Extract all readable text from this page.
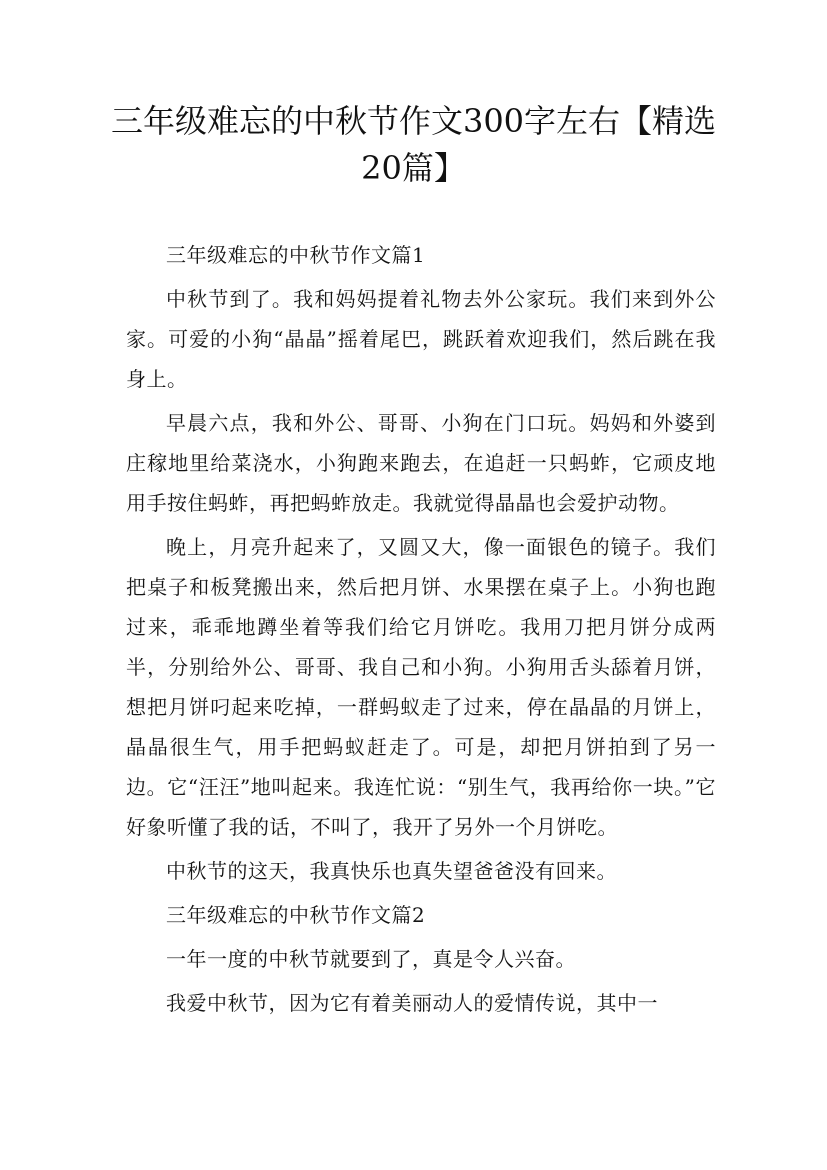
三年级难忘的中秋节作文300字左右【精选20篇】

三年级难忘的中秋节作文篇1

中秋节到了。我和妈妈提着礼物去外公家玩。我们来到外公家。可爱的小狗“晶晶”摇着尾巴，跳跃着欢迎我们，然后跳在我身上。

早晨六点，我和外公、哥哥、小狗在门口玩。妈妈和外婆到庄稼地里给菜浇水，小狗跑来跑去，在追赶一只蚂蚱，它顽皮地用手按住蚂蚱，再把蚂蚱放走。我就觉得晶晶也会爱护动物。

晚上，月亮升起来了，又圆又大，像一面银色的镜子。我们把桌子和板凳搬出来，然后把月饼、水果摆在桌子上。小狗也跑过来，乖乖地蹲坐着等我们给它月饼吃。我用刀把月饼分成两半，分别给外公、哥哥、我自己和小狗。小狗用舌头舔着月饼，想把月饼叼起来吃掉，一群蚂蚁走了过来，停在晶晶的月饼上，晶晶很生气，用手把蚂蚁赶走了。可是，却把月饼拍到了另一边。它“汪汪”地叫起来。我连忙说：“别生气，我再给你一块。”它好象听懂了我的话，不叫了，我开了另外一个月饼吃。

中秋节的这天，我真快乐也真失望爸爸没有回来。

三年级难忘的中秋节作文篇2

一年一度的中秋节就要到了，真是令人兴奋。

我爱中秋节，因为它有着美丽动人的爱情传说，其中一
